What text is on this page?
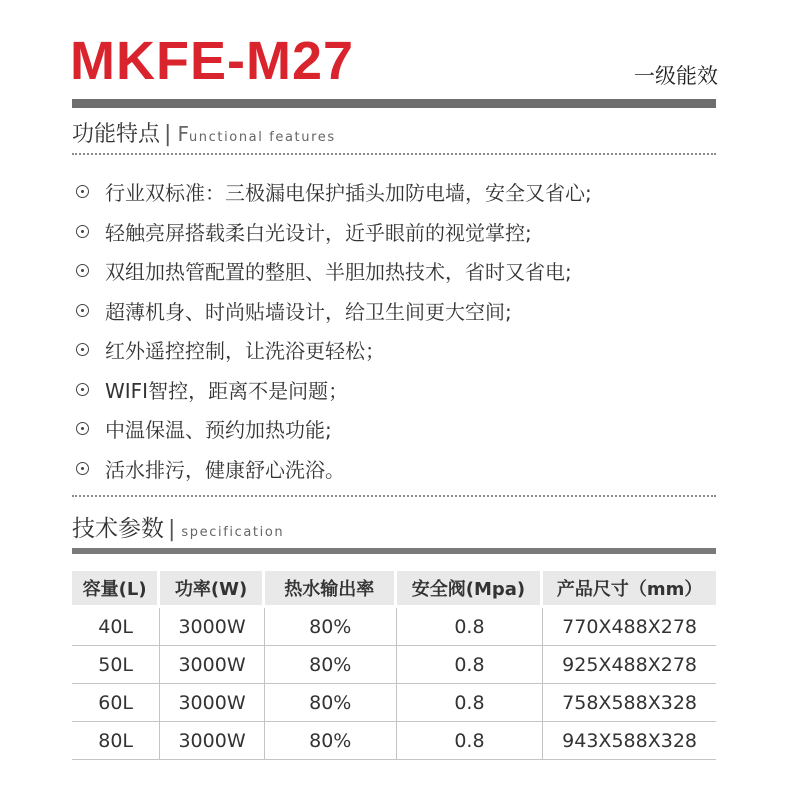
MKFE-M27	一级能效
功能特点 | Functional features
行业双标准：三极漏电保护插头加防电墙，安全又省心;
轻触亮屏搭载柔白光设计，近乎眼前的视觉掌控;
双组加热管配置的整胆、半胆加热技术，省时又省电;
超薄机身、时尚贴墙设计，给卫生间更大空间;
红外遥控控制，让洗浴更轻松；
WIFI智控，距离不是问题；
中温保温、预约加热功能;
活水排污，健康舒心洗浴。
技术参数 | specification
容量(L)	功率(W)	热水输出率	安全阀(Mpa)	产品尺寸（mm）
40L	3000W	80%	0.8	770X488X278
50L	3000W	80%	0.8	925X488X278
60L	3000W	80%	0.8	758X588X328
80L	3000W	80%	0.8	943X588X328
